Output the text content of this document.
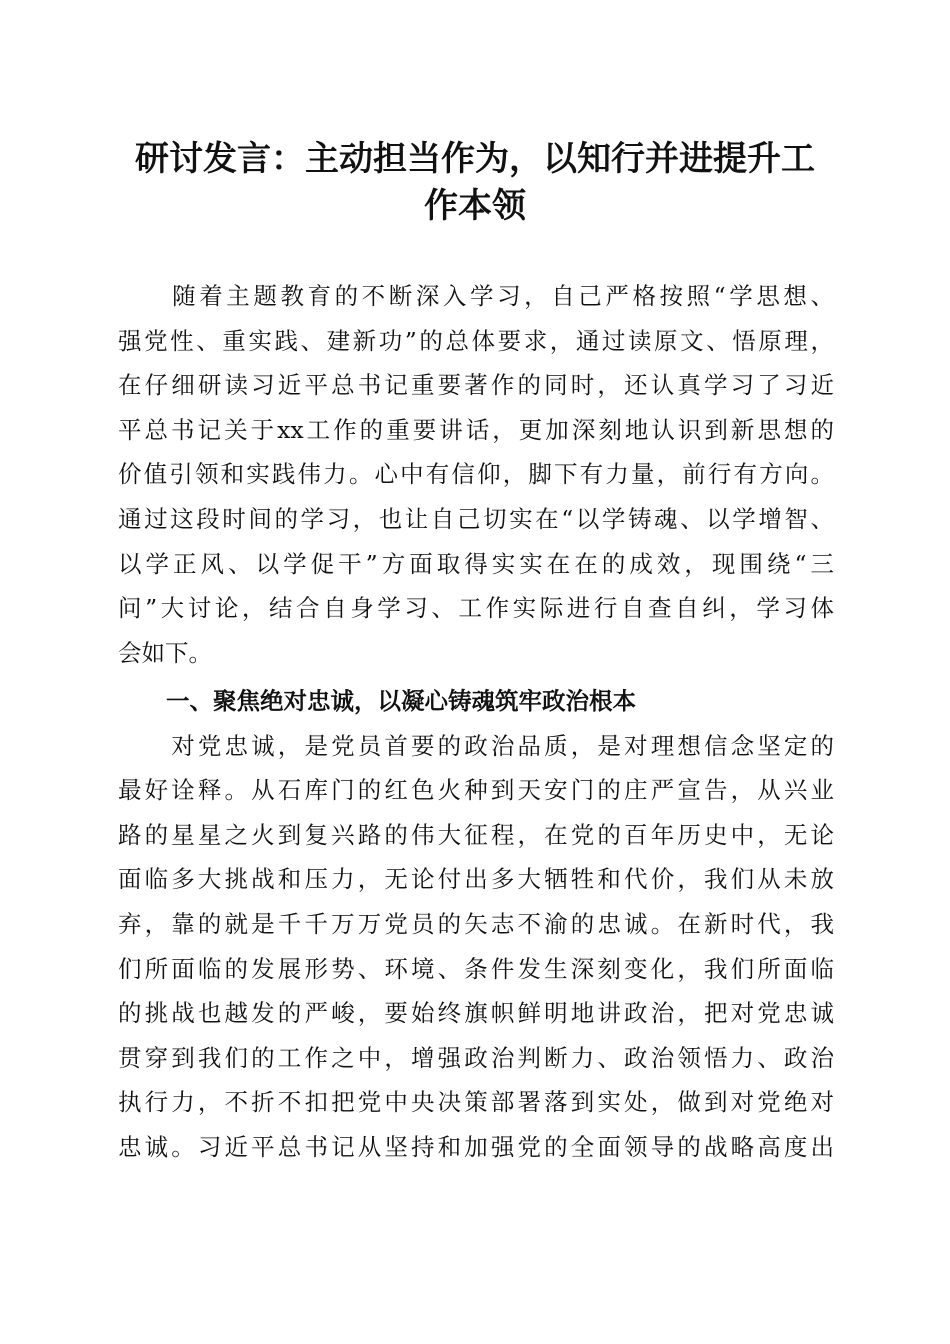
研讨发言：主动担当作为，以知行并进提升工
作本领
　　随着主题教育的不断深入学习，自己严格按照“学思想、
强党性、重实践、建新功”的总体要求，通过读原文、悟原理，
在仔细研读习近平总书记重要著作的同时，还认真学习了习近
平总书记关于xx工作的重要讲话，更加深刻地认识到新思想的
价值引领和实践伟力。心中有信仰，脚下有力量，前行有方向。
通过这段时间的学习，也让自己切实在“以学铸魂、以学增智、
以学正风、以学促干”方面取得实实在在的成效，现围绕“三
问”大讨论，结合自身学习、工作实际进行自查自纠，学习体
会如下。
一、聚焦绝对忠诚，以凝心铸魂筑牢政治根本
　　对党忠诚，是党员首要的政治品质，是对理想信念坚定的
最好诠释。从石库门的红色火种到天安门的庄严宣告，从兴业
路的星星之火到复兴路的伟大征程，在党的百年历史中，无论
面临多大挑战和压力，无论付出多大牺牲和代价，我们从未放
弃，靠的就是千千万万党员的矢志不渝的忠诚。在新时代，我
们所面临的发展形势、环境、条件发生深刻变化，我们所面临
的挑战也越发的严峻，要始终旗帜鲜明地讲政治，把对党忠诚
贯穿到我们的工作之中，增强政治判断力、政治领悟力、政治
执行力，不折不扣把党中央决策部署落到实处，做到对党绝对
忠诚。习近平总书记从坚持和加强党的全面领导的战略高度出
